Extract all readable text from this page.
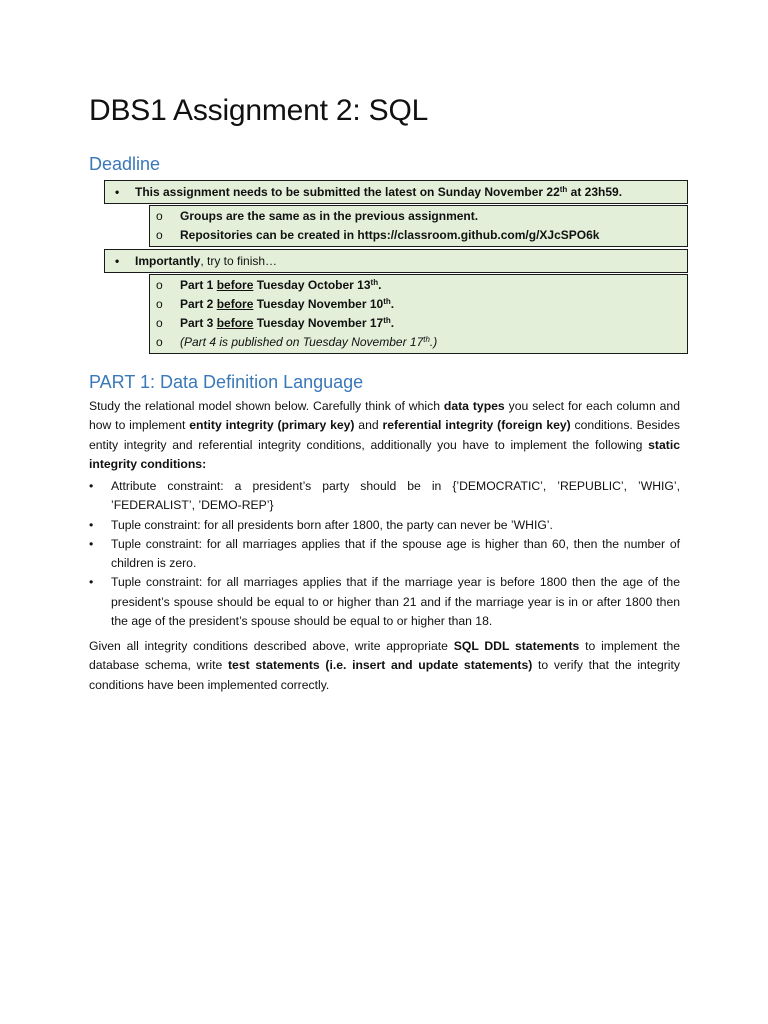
DBS1 Assignment 2: SQL
Deadline
• This assignment needs to be submitted the latest on Sunday November 22th at 23h59.
o Groups are the same as in the previous assignment.
o Repositories can be created in https://classroom.github.com/g/XJcSPO6k
• Importantly, try to finish…
o Part 1 before Tuesday October 13th.
o Part 2 before Tuesday November 10th.
o Part 3 before Tuesday November 17th.
o (Part 4 is published on Tuesday November 17th.)
PART 1: Data Definition Language
Study the relational model shown below. Carefully think of which data types you select for each column and how to implement entity integrity (primary key) and referential integrity (foreign key) conditions. Besides entity integrity and referential integrity conditions, additionally you have to implement the following static integrity conditions:
• Attribute constraint: a president’s party should be in {’DEMOCRATIC’, ’REPUBLIC’, ’WHIG’, ’FEDERALIST’, ’DEMO-REP’}
• Tuple constraint: for all presidents born after 1800, the party can never be ’WHIG’.
• Tuple constraint: for all marriages applies that if the spouse age is higher than 60, then the number of children is zero.
• Tuple constraint: for all marriages applies that if the marriage year is before 1800 then the age of the president’s spouse should be equal to or higher than 21 and if the marriage year is in or after 1800 then the age of the president’s spouse should be equal to or higher than 18.
Given all integrity conditions described above, write appropriate SQL DDL statements to implement the database schema, write test statements (i.e. insert and update statements) to verify that the integrity conditions have been implemented correctly.
